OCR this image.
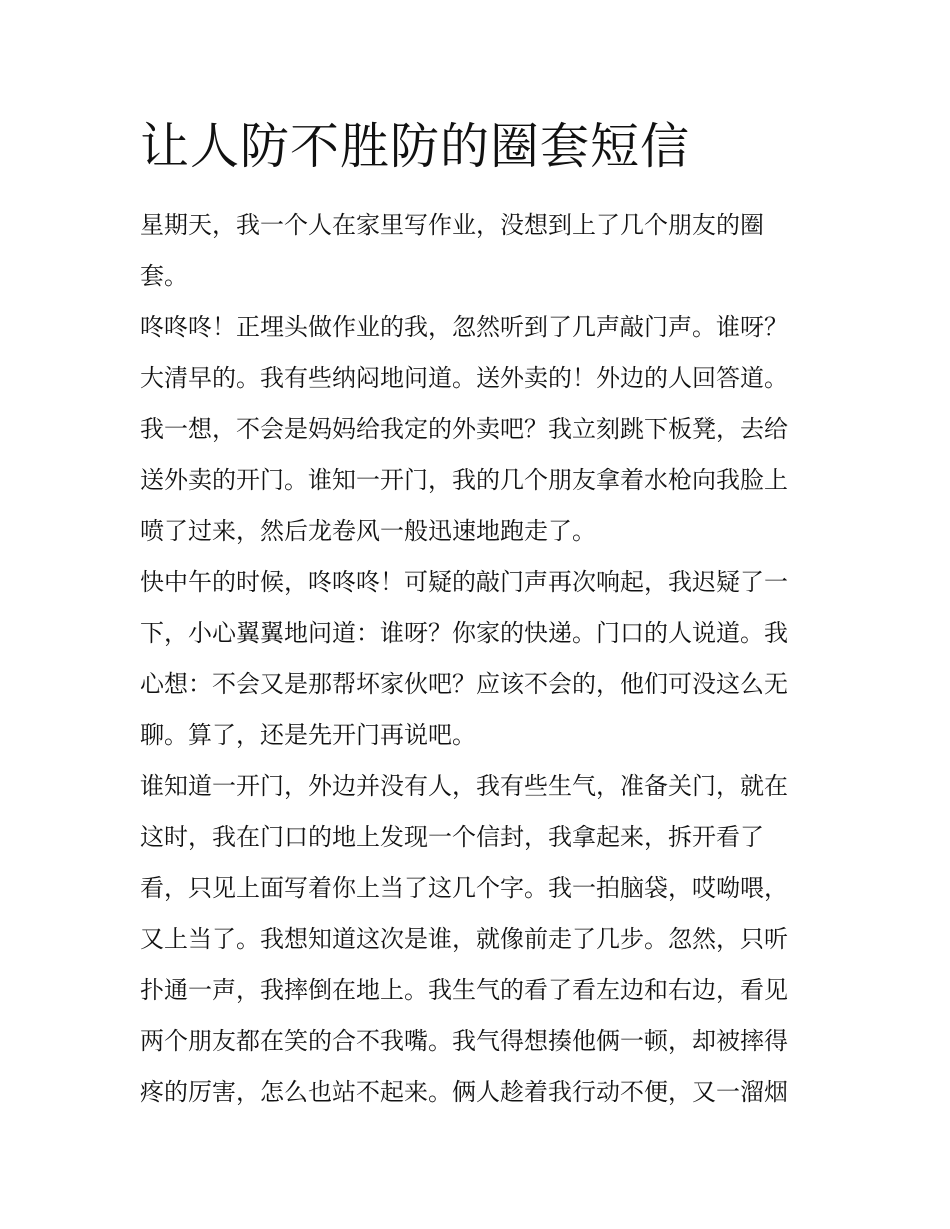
让人防不胜防的圈套短信

星期天，我一个人在家里写作业，没想到上了几个朋友的圈
套。

咚咚咚！正埋头做作业的我，忽然听到了几声敲门声。谁呀？
大清早的。我有些纳闷地问道。送外卖的！外边的人回答道。
我一想，不会是妈妈给我定的外卖吧？我立刻跳下板凳，去给
送外卖的开门。谁知一开门，我的几个朋友拿着水枪向我脸上
喷了过来，然后龙卷风一般迅速地跑走了。

快中午的时候，咚咚咚！可疑的敲门声再次响起，我迟疑了一
下，小心翼翼地问道：谁呀？你家的快递。门口的人说道。我
心想：不会又是那帮坏家伙吧？应该不会的，他们可没这么无
聊。算了，还是先开门再说吧。

谁知道一开门，外边并没有人，我有些生气，准备关门，就在
这时，我在门口的地上发现一个信封，我拿起来，拆开看了
看，只见上面写着你上当了这几个字。我一拍脑袋，哎呦喂，
又上当了。我想知道这次是谁，就像前走了几步。忽然，只听
扑通一声，我摔倒在地上。我生气的看了看左边和右边，看见
两个朋友都在笑的合不我嘴。我气得想揍他俩一顿，却被摔得
疼的厉害，怎么也站不起来。俩人趁着我行动不便，又一溜烟
